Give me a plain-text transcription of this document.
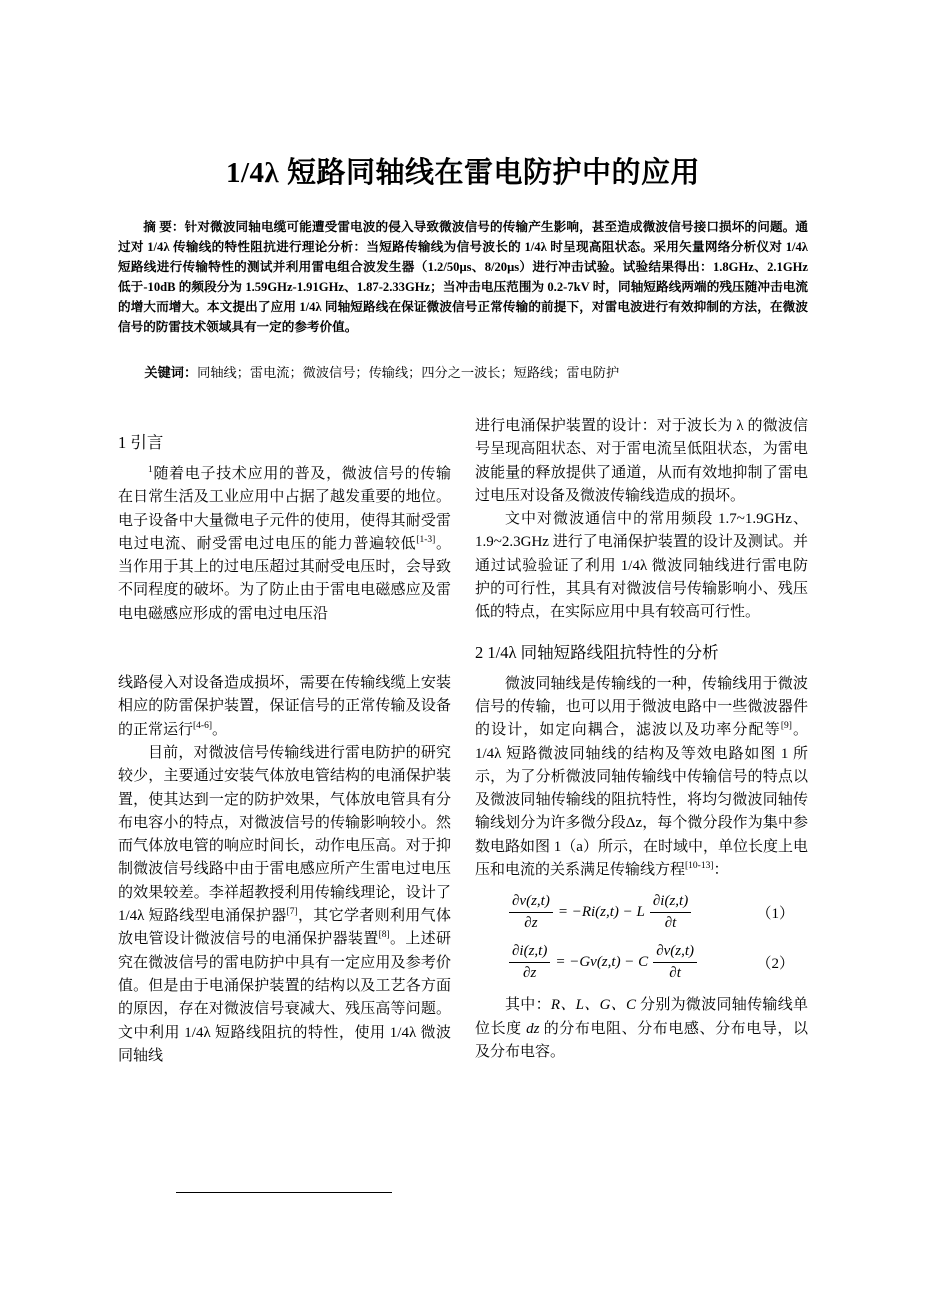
1/4λ 短路同轴线在雷电防护中的应用

摘 要：针对微波同轴电缆可能遭受雷电波的侵入导致微波信号的传输产生影响，甚至造成微波信号接口损坏的问题。通过对 1/4λ 传输线的特性阻抗进行理论分析：当短路传输线为信号波长的 1/4λ 时呈现高阻状态。采用矢量网络分析仪对 1/4λ 短路线进行传输特性的测试并利用雷电组合波发生器（1.2/50μs、8/20μs）进行冲击试验。试验结果得出：1.8GHz、2.1GHz 低于-10dB 的频段分为 1.59GHz-1.91GHz、1.87-2.33GHz；当冲击电压范围为 0.2-7kV 时，同轴短路线两端的残压随冲击电流的增大而增大。本文提出了应用 1/4λ 同轴短路线在保证微波信号正常传输的前提下，对雷电波进行有效抑制的方法，在微波信号的防雷技术领域具有一定的参考价值。

关键词：同轴线；雷电流；微波信号；传输线；四分之一波长；短路线；雷电防护

1 引言

$^1$随着电子技术应用的普及，微波信号的传输在日常生活及工业应用中占据了越发重要的地位。电子设备中大量微电子元件的使用，使得其耐受雷电过电流、耐受雷电过电压的能力普遍较低[1-3]。当作用于其上的过电压超过其耐受电压时，会导致不同程度的破坏。为了防止由于雷电电磁感应及雷电电磁感应形成的雷电过电压沿

线路侵入对设备造成损坏，需要在传输线缆上安装相应的防雷保护装置，保证信号的正常传输及设备的正常运行[4-6]。

目前，对微波信号传输线进行雷电防护的研究较少，主要通过安装气体放电管结构的电涌保护装置，使其达到一定的防护效果，气体放电管具有分布电容小的特点，对微波信号的传输影响较小。然而气体放电管的响应时间长，动作电压高。对于抑制微波信号线路中由于雷电感应所产生雷电过电压的效果较差。李祥超教授利用传输线理论，设计了 1/4λ 短路线型电涌保护器[7]，其它学者则利用气体放电管设计微波信号的电涌保护器装置[8]。上述研究在微波信号的雷电防护中具有一定应用及参考价值。但是由于电涌保护装置的结构以及工艺各方面的原因，存在对微波信号衰减大、残压高等问题。文中利用 1/4λ 短路线阻抗的特性，使用 1/4λ 微波同轴线

进行电涌保护装置的设计：对于波长为 λ 的微波信号呈现高阻状态、对于雷电流呈低阻状态，为雷电波能量的释放提供了通道，从而有效地抑制了雷电过电压对设备及微波传输线造成的损坏。

文中对微波通信中的常用频段 1.7~1.9GHz、1.9~2.3GHz 进行了电涌保护装置的设计及测试。并通过试验验证了利用 1/4λ 微波同轴线进行雷电防护的可行性，其具有对微波信号传输影响小、残压低的特点，在实际应用中具有较高可行性。

2 1/4λ 同轴短路线阻抗特性的分析

微波同轴线是传输线的一种，传输线用于微波信号的传输，也可以用于微波电路中一些微波器件的设计，如定向耦合，滤波以及功率分配等[9]。1/4λ 短路微波同轴线的结构及等效电路如图 1 所示，为了分析微波同轴传输线中传输信号的特点以及微波同轴传输线的阻抗特性，将均匀微波同轴传输线划分为许多微分段Δz，每个微分段作为集中参数电路如图 1（a）所示，在时域中，单位长度上电压和电流的关系满足传输线方程[10-13]：

$\frac{\partial v(z,t)}{\partial z} = -Ri(z,t) - L \frac{\partial i(z,t)}{\partial t}$	（1）
$\frac{\partial i(z,t)}{\partial z} = -Gv(z,t) - C \frac{\partial v(z,t)}{\partial t}$	（2）

其中：R、L、G、C 分别为微波同轴传输线单位长度 dz 的分布电阻、分布电感、分布电导，以及分布电容。
